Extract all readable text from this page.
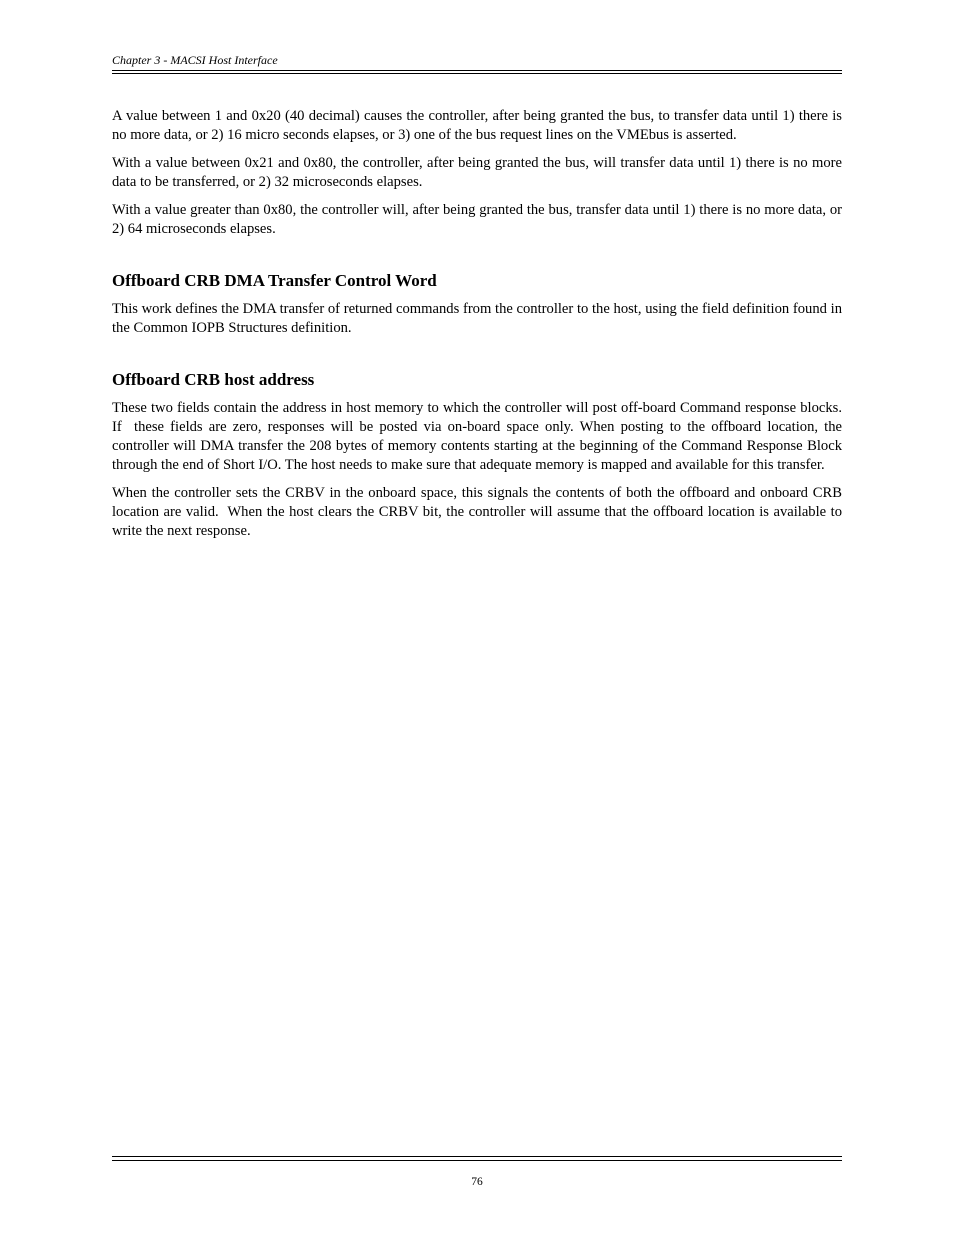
Chapter 3 - MACSI Host Interface

A value between 1 and 0x20 (40 decimal) causes the controller, after being granted the bus, to transfer data until 1) there is no more data, or 2) 16 micro seconds elapses, or 3) one of the bus request lines on the VMEbus is asserted.

With a value between 0x21 and 0x80, the controller, after being granted the bus, will transfer data until 1) there is no more data to be transferred, or 2) 32 microseconds elapses.

With a value greater than 0x80, the controller will, after being granted the bus, transfer data until 1) there is no more data, or 2) 64 microseconds elapses.

Offboard CRB DMA Transfer Control Word

This work defines the DMA transfer of returned commands from the controller to the host, using the field definition found in the Common IOPB Structures definition.

Offboard CRB host address

These two fields contain the address in host memory to which the controller will post off-board Command response blocks.  If  these fields are zero, responses will be posted via on-board space only. When posting to the offboard location, the controller will DMA transfer the 208 bytes of memory contents starting at the beginning of the Command Response Block through the end of Short I/O. The host needs to make sure that adequate memory is mapped and available for this transfer.

When the controller sets the CRBV in the onboard space, this signals the contents of both the offboard and onboard CRB location are valid.  When the host clears the CRBV bit, the controller will assume that the offboard location is available to write the next response.

76
